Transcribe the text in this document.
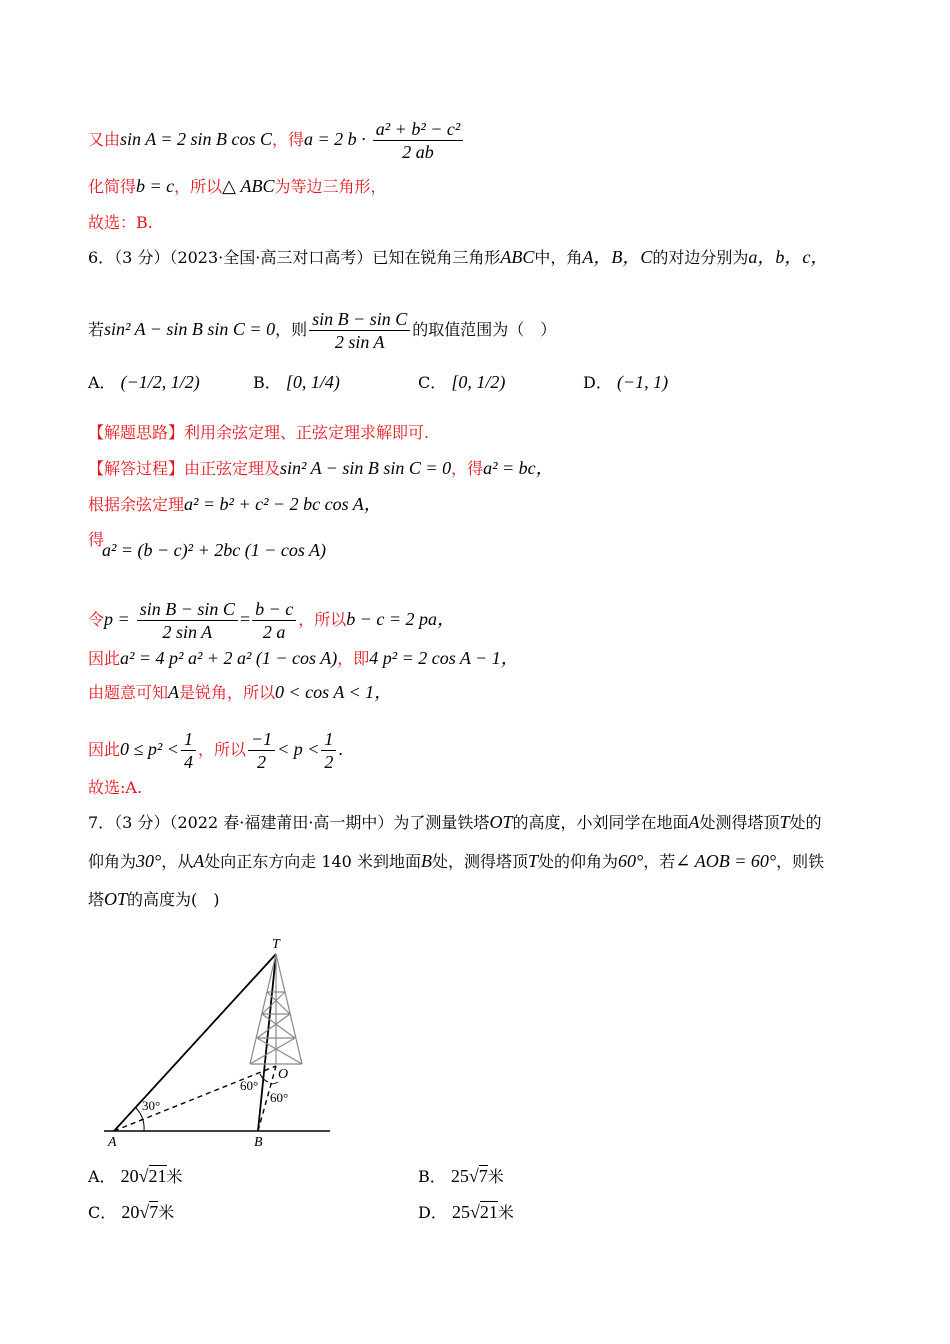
又由sin A = 2 sin B cos C，得a = 2 $b \cdot \frac{\text{a² + b² − c²}}{2 ab}$
化简得b = c，所以△ ABC为等边三角形，
故选：B.
6．（3 分）（2023·全国·高三对口高考）已知在锐角三角形ABC中，角A，B，C的对边分别为a，b，c，
若sin² A − sin B sin C = 0，则 $\frac{\text{sin B − sin C}}{\text{2 sin A}}$ 的取值范围为（　）
A． (−1/2, 1/2)	B． [0, 1/4)	C． [0, 1/2)	D． (−1, 1)
【解题思路】利用余弦定理、正弦定理求解即可.
【解答过程】由正弦定理及sin² A − sin B sin C = 0，得a² = bc，
根据余弦定理a² = b² + c² − 2 bc cos A，
得
a² = (b − c)² + 2bc (1 − cos A)
令$p = \frac{\text{sin B − sin C}}{\text{2 sin A}} = \frac{b - c}{2 a}$ ，所以b − c = 2 pa，
因此a² = 4 p² a² + 2 a² (1 − cos A)，即4 p² = 2 cos A − 1，
由题意可知A是锐角，所以0 < cos A < 1，
因此$0 \le p^2 < \frac{1}{4}$ ，所以 $\frac{-1}{2} < p < \frac{1}{2}$ .
故选:A.
7．（3 分）（2022 春·福建莆田·高一期中）为了测量铁塔OT的高度，小刘同学在地面A处测得塔顶T处的
仰角为30°，从A处向正东方向走 140 米到地面B处，测得塔顶T处的仰角为60°，若∠ AOB = 60°，则铁
塔OT的高度为(　)
T
O
A	B
30°
60°
60°
A． 20√21米	B． 25√7米
C． 20√7米	D． 25√21米
